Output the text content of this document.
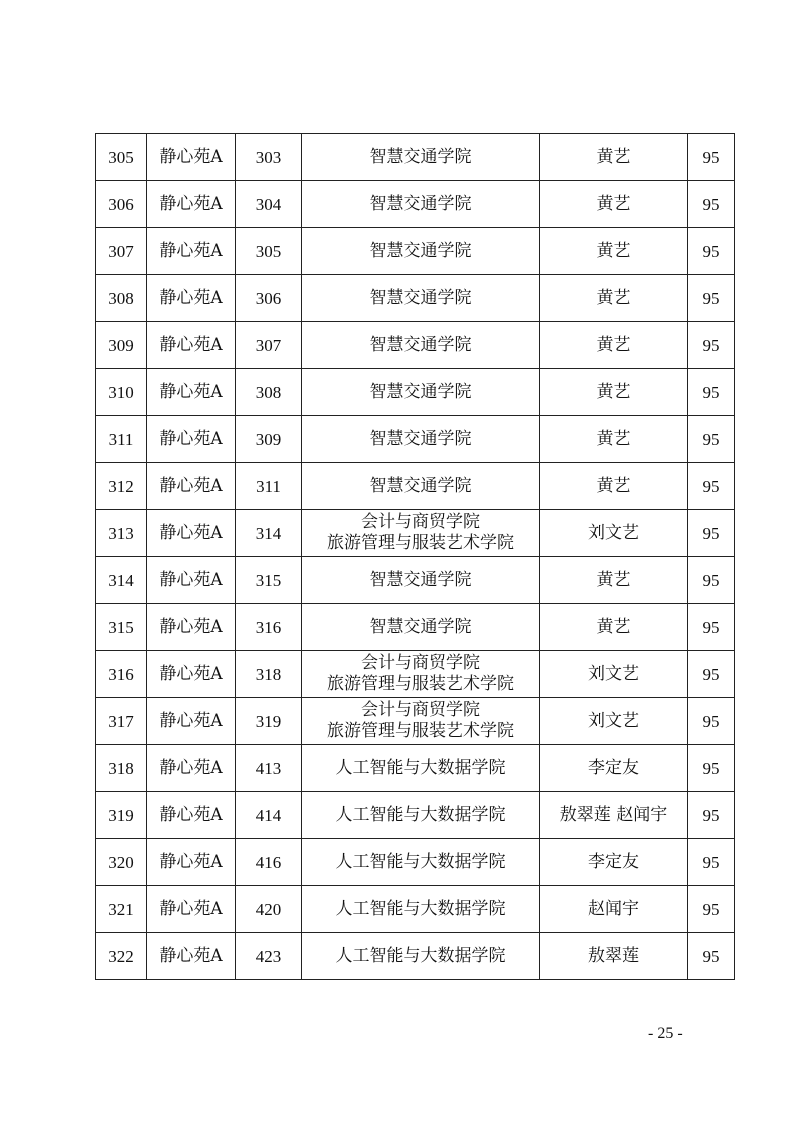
305	静心苑A	303	智慧交通学院	黄艺	95
306	静心苑A	304	智慧交通学院	黄艺	95
307	静心苑A	305	智慧交通学院	黄艺	95
308	静心苑A	306	智慧交通学院	黄艺	95
309	静心苑A	307	智慧交通学院	黄艺	95
310	静心苑A	308	智慧交通学院	黄艺	95
311	静心苑A	309	智慧交通学院	黄艺	95
312	静心苑A	311	智慧交通学院	黄艺	95
313	静心苑A	314	会计与商贸学院
旅游管理与服装艺术学院	刘文艺	95
314	静心苑A	315	智慧交通学院	黄艺	95
315	静心苑A	316	智慧交通学院	黄艺	95
316	静心苑A	318	会计与商贸学院
旅游管理与服装艺术学院	刘文艺	95
317	静心苑A	319	会计与商贸学院
旅游管理与服装艺术学院	刘文艺	95
318	静心苑A	413	人工智能与大数据学院	李定友	95
319	静心苑A	414	人工智能与大数据学院	敖翠莲 赵闻宇	95
320	静心苑A	416	人工智能与大数据学院	李定友	95
321	静心苑A	420	人工智能与大数据学院	赵闻宇	95
322	静心苑A	423	人工智能与大数据学院	敖翠莲	95
- 25 -
